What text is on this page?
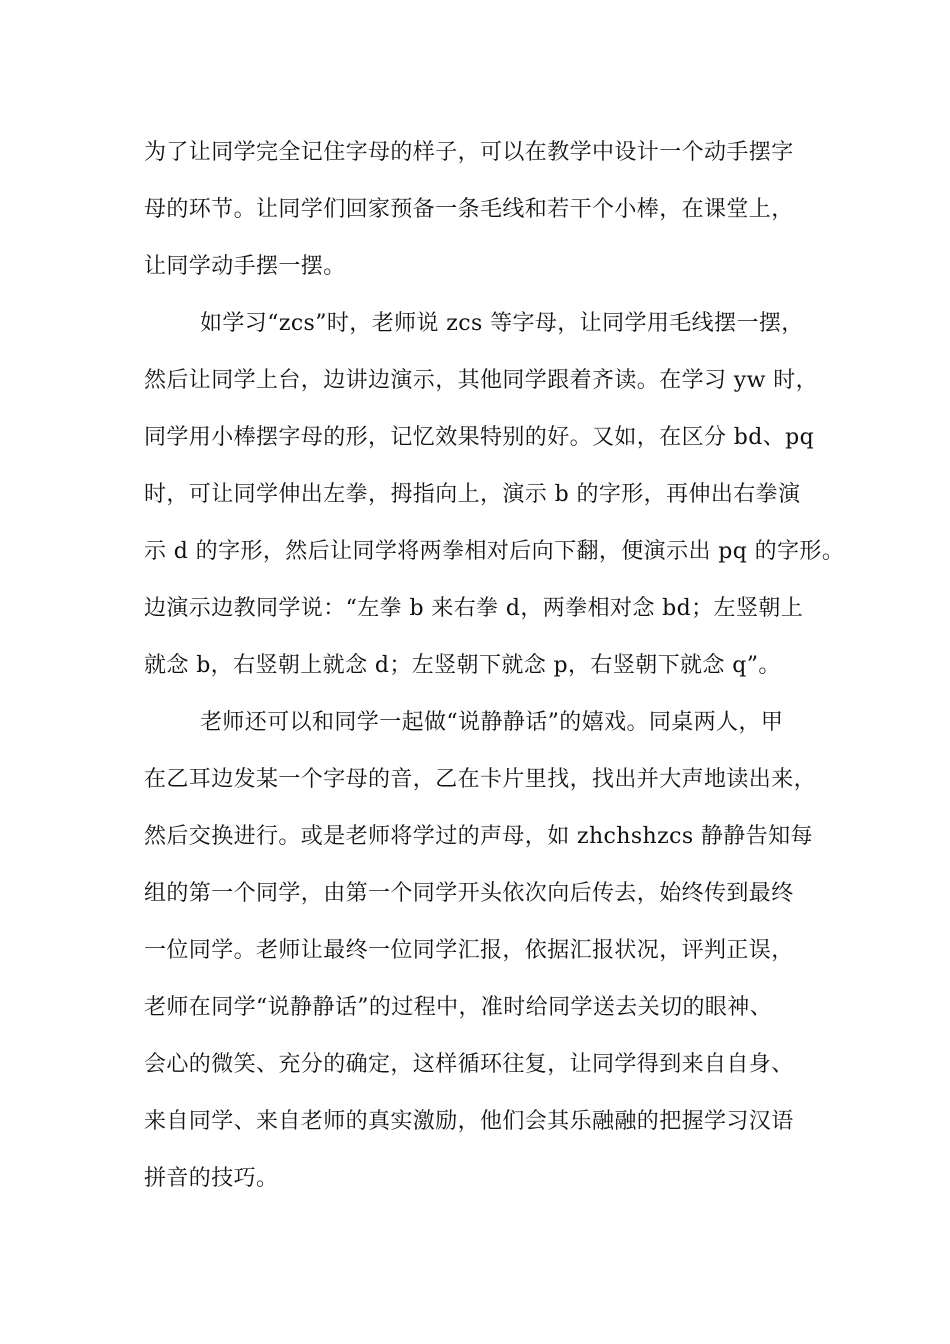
为了让同学完全记住字母的样子，可以在教学中设计一个动手摆字
母的环节。让同学们回家预备一条毛线和若干个小棒，在课堂上，
让同学动手摆一摆。
如学习“zcs”时，老师说 zcs 等字母，让同学用毛线摆一摆，
然后让同学上台，边讲边演示，其他同学跟着齐读。在学习 yw 时，
同学用小棒摆字母的形，记忆效果特别的好。又如，在区分 bd、pq
时，可让同学伸出左拳，拇指向上，演示 b 的字形，再伸出右拳演
示 d 的字形，然后让同学将两拳相对后向下翻，便演示出 pq 的字形。
边演示边教同学说：“左拳 b 来右拳 d，两拳相对念 bd；左竖朝上
就念 b，右竖朝上就念 d；左竖朝下就念 p，右竖朝下就念 q”。
老师还可以和同学一起做“说静静话”的嬉戏。同桌两人，甲
在乙耳边发某一个字母的音，乙在卡片里找，找出并大声地读出来，
然后交换进行。或是老师将学过的声母，如 zhchshzcs 静静告知每
组的第一个同学，由第一个同学开头依次向后传去，始终传到最终
一位同学。老师让最终一位同学汇报，依据汇报状况，评判正误，
老师在同学“说静静话”的过程中，准时给同学送去关切的眼神、
会心的微笑、充分的确定，这样循环往复，让同学得到来自自身、
来自同学、来自老师的真实激励，他们会其乐融融的把握学习汉语
拼音的技巧。
